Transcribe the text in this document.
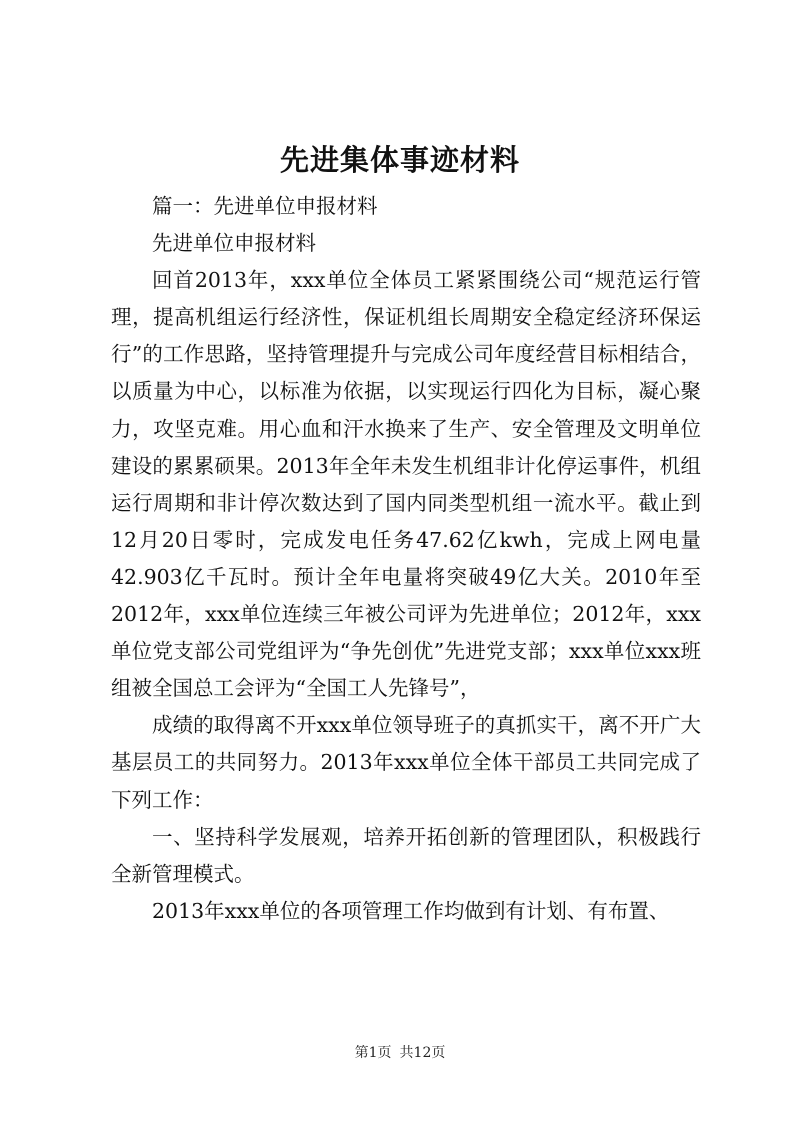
先进集体事迹材料

篇一：先进单位申报材料

先进单位申报材料

回首2013年，xxx单位全体员工紧紧围绕公司“规范运行管理，提高机组运行经济性，保证机组长周期安全稳定经济环保运行”的工作思路，坚持管理提升与完成公司年度经营目标相结合，以质量为中心，以标准为依据，以实现运行四化为目标，凝心聚力，攻坚克难。用心血和汗水换来了生产、安全管理及文明单位建设的累累硕果。2013年全年未发生机组非计化停运事件，机组运行周期和非计停次数达到了国内同类型机组一流水平。截止到12月20日零时，完成发电任务47.62亿kwh，完成上网电量42.903亿千瓦时。预计全年电量将突破49亿大关。2010年至2012年，xxx单位连续三年被公司评为先进单位；2012年，xxx单位党支部公司党组评为“争先创优”先进党支部；xxx单位xxx班组被全国总工会评为“全国工人先锋号”，

成绩的取得离不开xxx单位领导班子的真抓实干，离不开广大基层员工的共同努力。2013年xxx单位全体干部员工共同完成了下列工作：

一、坚持科学发展观，培养开拓创新的管理团队，积极践行全新管理模式。

2013年xxx单位的各项管理工作均做到有计划、有布置、

第1页 共12页
